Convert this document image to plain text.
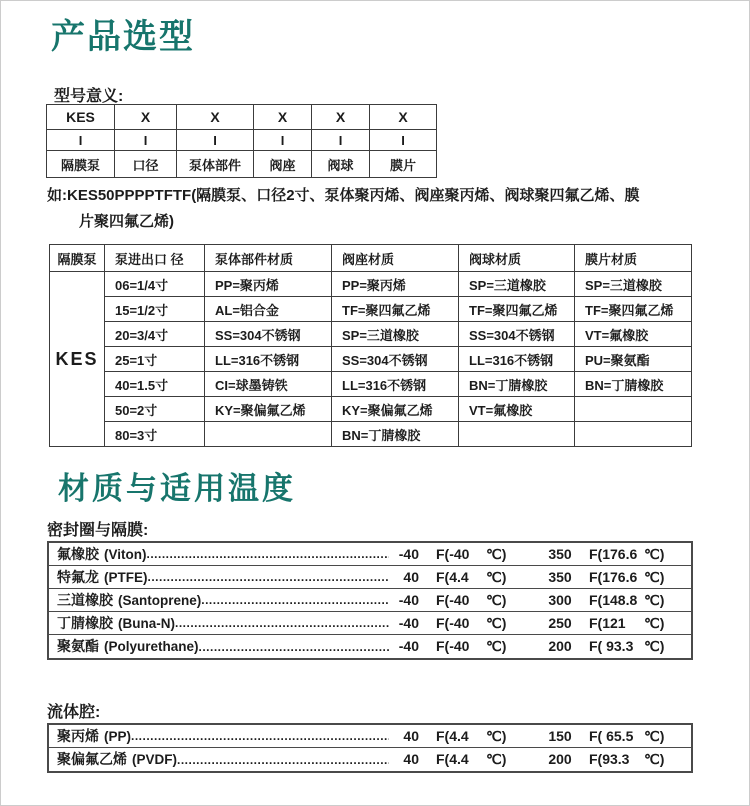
产品选型
型号意义:
KES	X	X	X	X	X
I	I	I	I	I	I
隔膜泵	口径	泵体部件	阀座	阀球	膜片
如:KES50PPPPTFTF(隔膜泵、口径2寸、泵体聚丙烯、阀座聚丙烯、阀球聚四氟乙烯、膜
片聚四氟乙烯)
隔膜泵	泵进出口 径	泵体部件材质	阀座材质	阀球材质	膜片材质
KES	06=1/4寸	PP=聚丙烯	PP=聚丙烯	SP=三道橡胶	SP=三道橡胶
	15=1/2寸	AL=铝合金	TF=聚四氟乙烯	TF=聚四氟乙烯	TF=聚四氟乙烯
	20=3/4寸	SS=304不锈钢	SP=三道橡胶	SS=304不锈钢	VT=氟橡胶
	25=1寸	LL=316不锈钢	SS=304不锈钢	LL=316不锈钢	PU=聚氨酯
	40=1.5寸	CI=球墨铸铁	LL=316不锈钢	BN=丁腈橡胶	BN=丁腈橡胶
	50=2寸	KY=聚偏氟乙烯	KY=聚偏氟乙烯	VT=氟橡胶	
	80=3寸		BN=丁腈橡胶		
材质与适用温度
密封圈与隔膜:
氟橡胶 (Viton) .....	-40 F(-40	℃)	350	F(176.6 ℃)
特氟龙 (PTFE) .....	40 F(4.4	℃)	350	F(176.6 ℃)
三道橡胶 (Santoprene) .....	-40 F(-40	℃)	300	F(148.8 ℃)
丁腈橡胶 (Buna-N) .....	-40 F(-40	℃)	250	F(121	℃)
聚氨酯 (Polyurethane) .....	-40 F(-40	℃)	200	F( 93.3 ℃)
流体腔:
聚丙烯 (PP) .....	40 F(4.4	℃)	150	F( 65.5 ℃)
聚偏氟乙烯 (PVDF) .....	40 F(4.4	℃)	200	F(93.3	℃)
